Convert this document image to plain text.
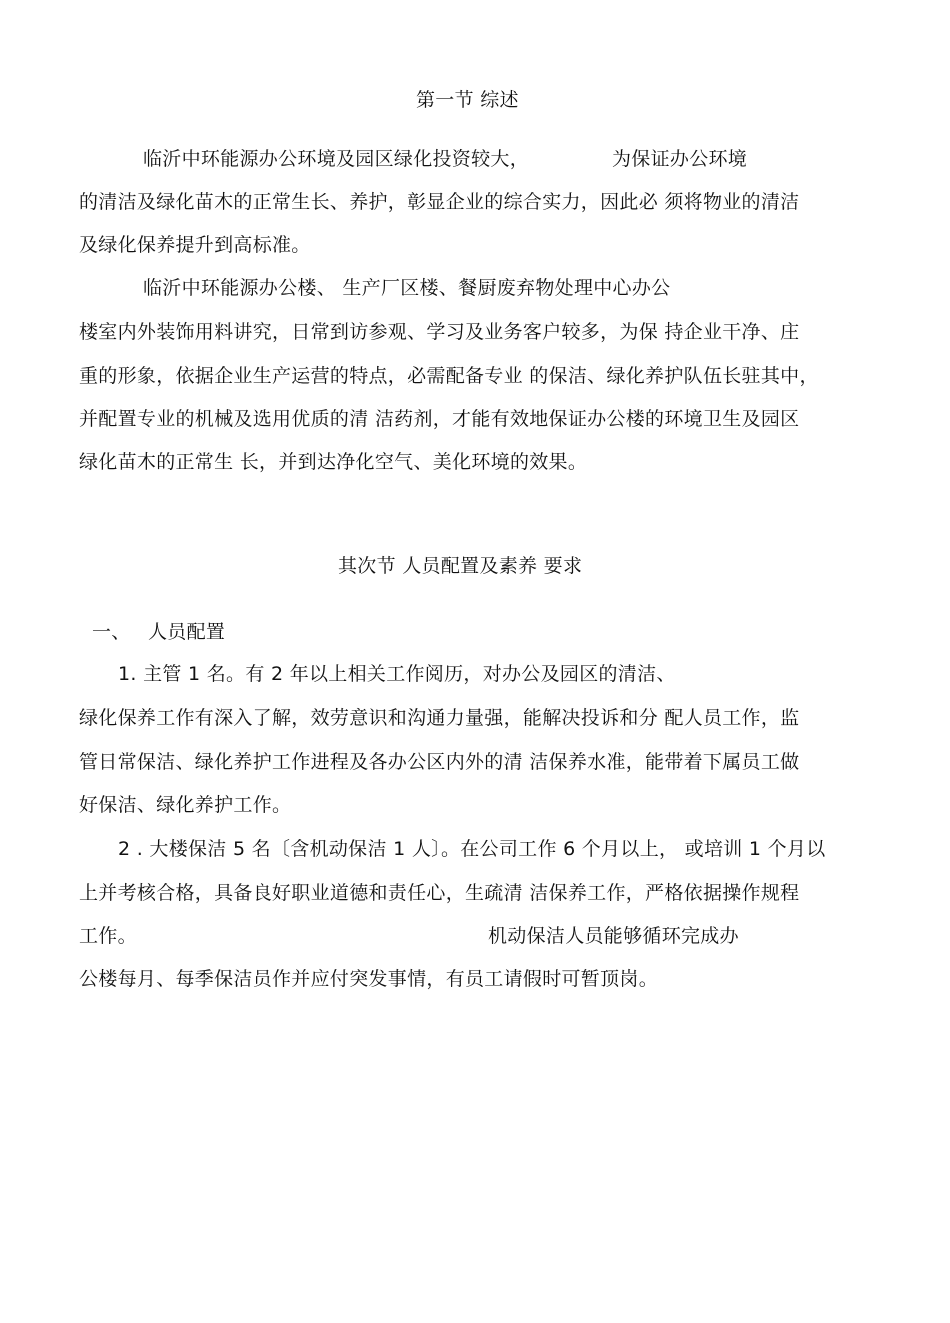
第一节 综述
临沂中环能源办公环境及园区绿化投资较大，	为保证办公环境
的清洁及绿化苗木的正常生长、养护，彰显企业的综合实力，因此必 须将物业的清洁
及绿化保养提升到高标准。
临沂中环能源办公楼、 生产厂区楼、餐厨废弃物处理中心办公
楼室内外装饰用料讲究，日常到访参观、学习及业务客户较多，为保 持企业干净、庄
重的形象，依据企业生产运营的特点，必需配备专业 的保洁、绿化养护队伍长驻其中，
并配置专业的机械及选用优质的清 洁药剂，才能有效地保证办公楼的环境卫生及园区
绿化苗木的正常生 长，并到达净化空气、美化环境的效果。
其次节 人员配置及素养 要求
一、 人员配置
1. 主管 1 名。有 2 年以上相关工作阅历，对办公及园区的清洁、
绿化保养工作有深入了解，效劳意识和沟通力量强，能解决投诉和分 配人员工作，监
管日常保洁、绿化养护工作进程及各办公区内外的清 洁保养水准，能带着下属员工做
好保洁、绿化养护工作。
2 . 大楼保洁 5 名〔含机动保洁 1 人〕。在公司工作 6 个月以上， 或培训 1 个月以
上并考核合格，具备良好职业道德和责任心，生疏清 洁保养工作，严格依据操作规程
工作。	机动保洁人员能够循环完成办
公楼每月、每季保洁员作并应付突发事情，有员工请假时可暂顶岗。
